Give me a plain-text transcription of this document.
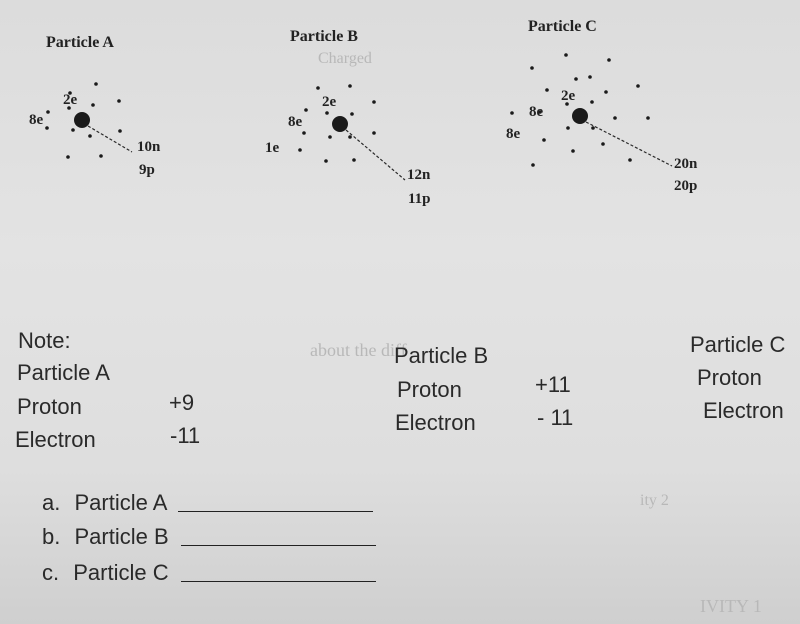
Charged
about the diff
ity 2
IVITY 1
Particle A	Particle B
Particle C
2e
8e
10n
9p
2e
8e
1e
12n
11p
2e
8e
8e
20n
20p
Note:
Particle A
Proton	+9
Electron	-11
Particle B
Proton	+11
Electron	- 11
Particle C
Proton
Electron
a. Particle A
b. Particle B
c. Particle C
